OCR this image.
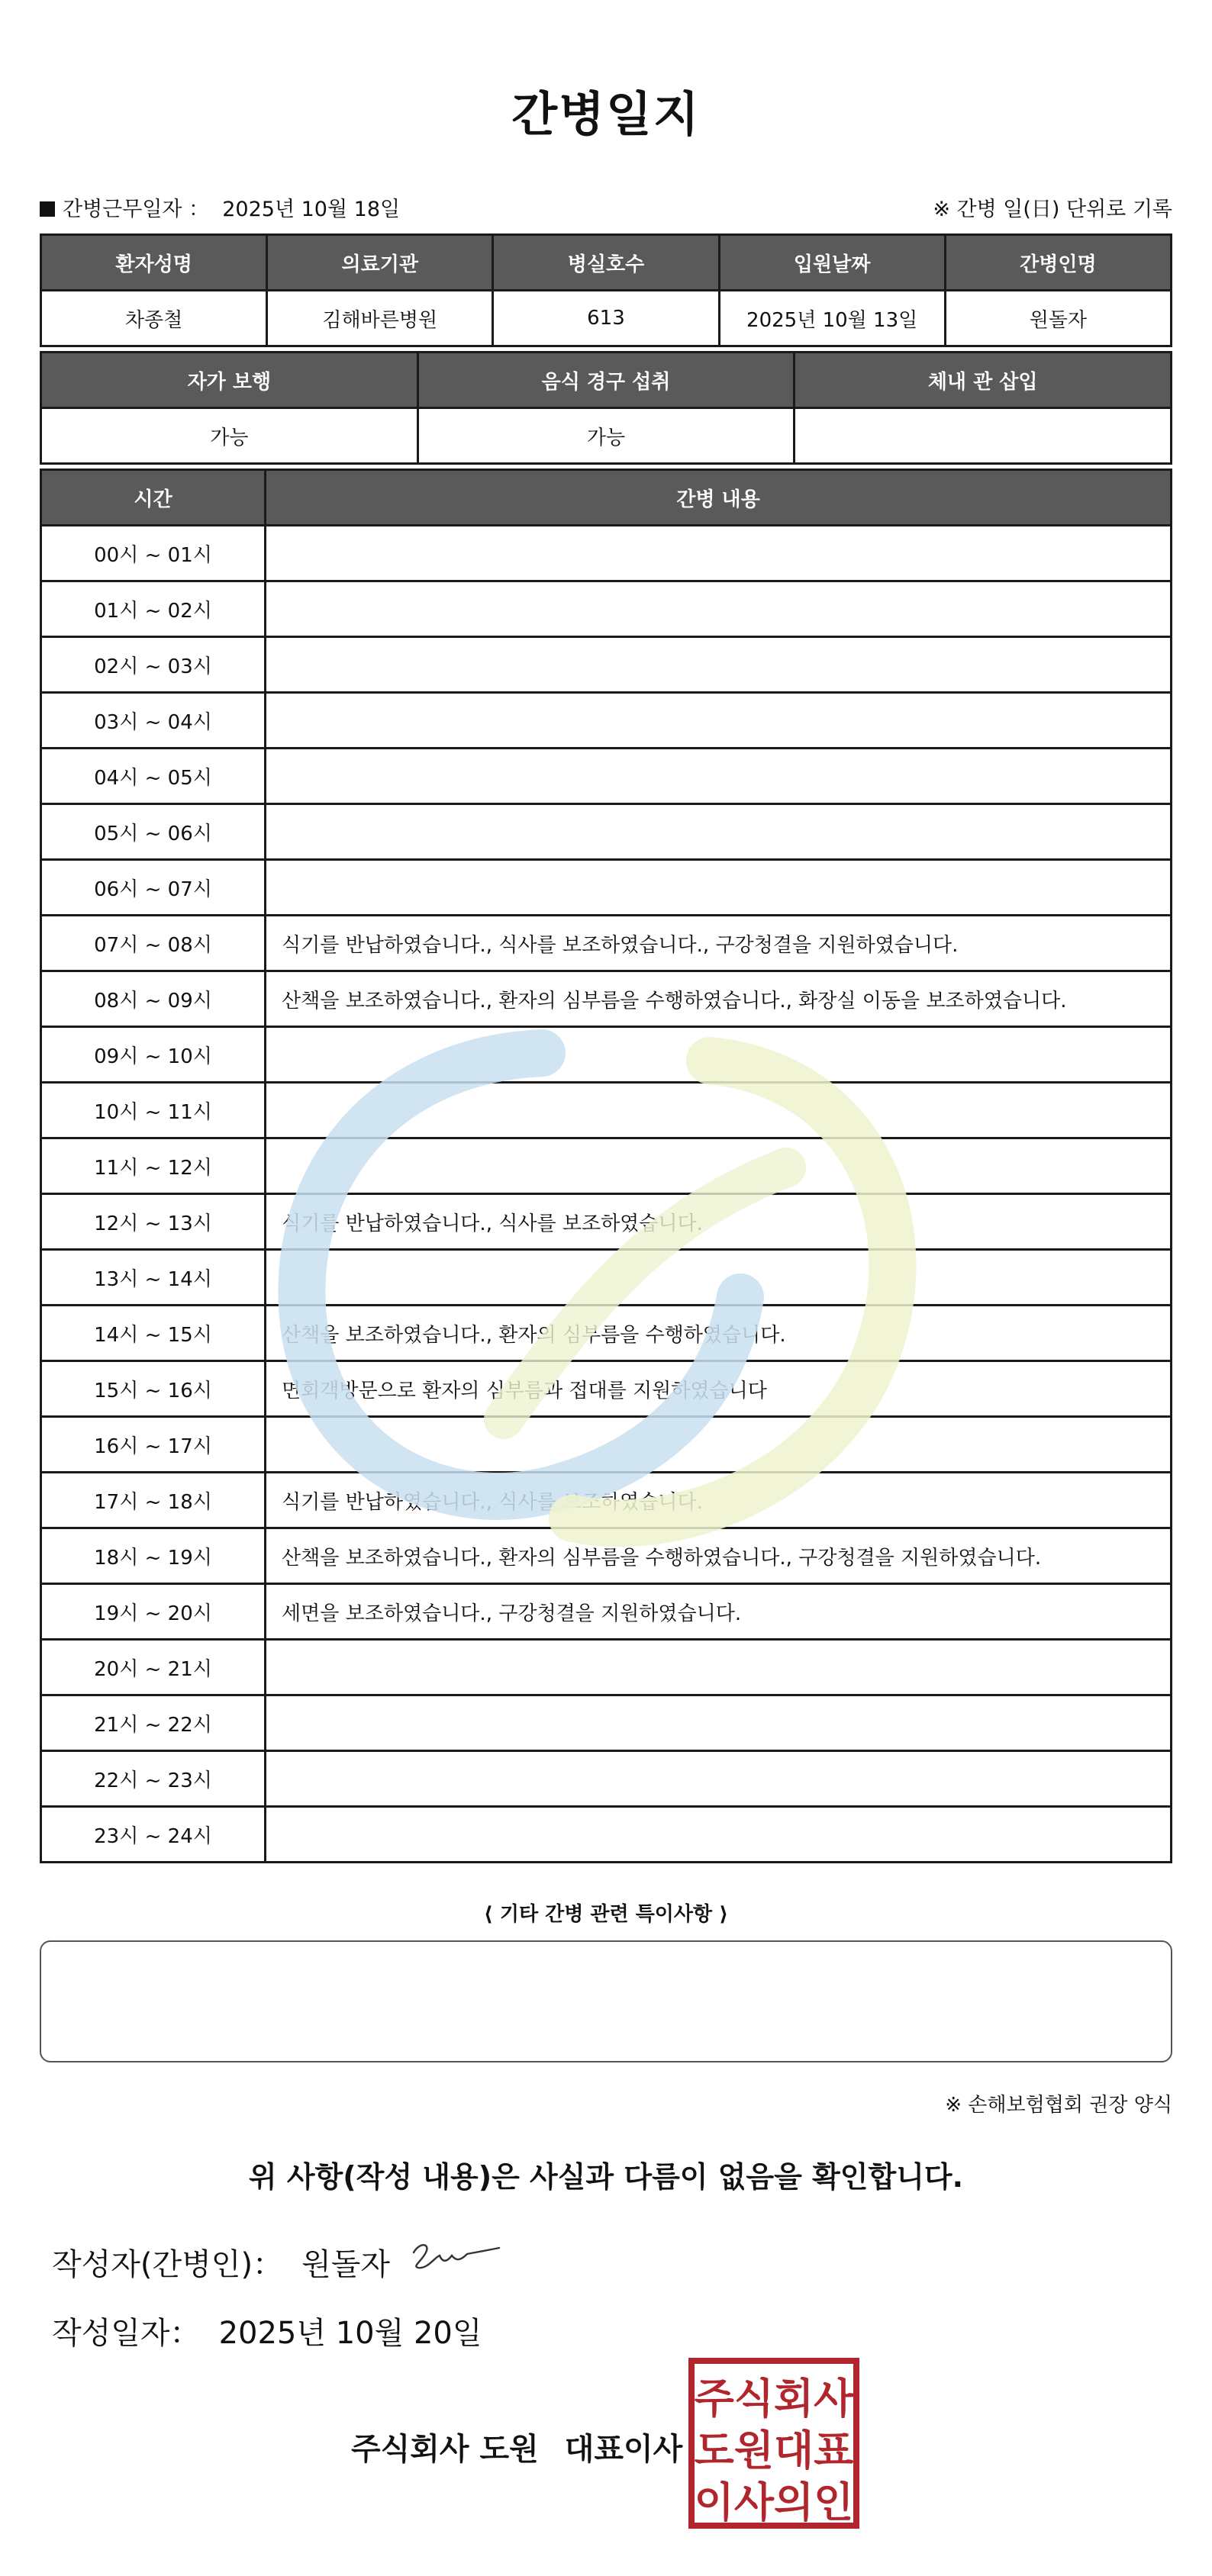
간병일지
간병근무일자 ： 2025년 10월 18일	※ 간병 일(日) 단위로 기록
환자성명	의료기관	병실호수	입원날짜	간병인명
차종철	김해바른병원	613	2025년 10월 13일	원돌자
자가 보행	음식 경구 섭취	체내 관 삽입
가능	가능	
시간	간병 내용
00시 ~ 01시	
01시 ~ 02시	
02시 ~ 03시	
03시 ~ 04시	
04시 ~ 05시	
05시 ~ 06시	
06시 ~ 07시	
07시 ~ 08시	식기를 반납하였습니다., 식사를 보조하였습니다., 구강청결을 지원하였습니다.
08시 ~ 09시	산책을 보조하였습니다., 환자의 심부름을 수행하였습니다., 화장실 이동을 보조하였습니다.
09시 ~ 10시	
10시 ~ 11시	
11시 ~ 12시	
12시 ~ 13시	식기를 반납하였습니다., 식사를 보조하였습니다.
13시 ~ 14시	
14시 ~ 15시	산책을 보조하였습니다., 환자의 심부름을 수행하였습니다.
15시 ~ 16시	면회객방문으로 환자의 심부름과 접대를 지원하였습니다
16시 ~ 17시	
17시 ~ 18시	식기를 반납하였습니다., 식사를 보조하였습니다.
18시 ~ 19시	산책을 보조하였습니다., 환자의 심부름을 수행하였습니다., 구강청결을 지원하였습니다.
19시 ~ 20시	세면을 보조하였습니다., 구강청결을 지원하였습니다.
20시 ~ 21시	
21시 ~ 22시	
22시 ~ 23시	
23시 ~ 24시	
⟨ 기타 간병 관련 특이사항 ⟩
※ 손해보험협회 권장 양식
위 사항(작성 내용)은 사실과 다름이 없음을 확인합니다.
작성자(간병인)： 원돌자
작성일자： 2025년 10월 20일
주식회사 도원 대표이사
주식회사
도원대표
이사의인
